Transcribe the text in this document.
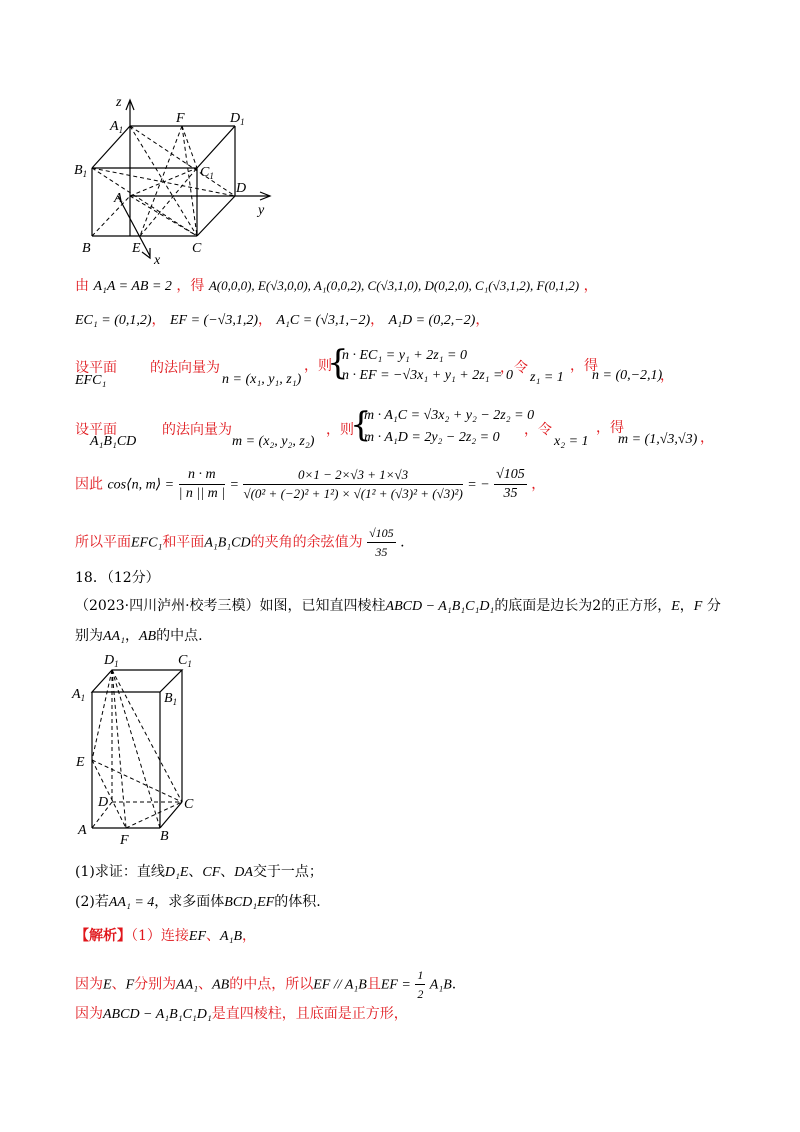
z
$A_1$
F	$D_1$
$B_1$	$C_1$
A
D
y
B	E	C
x
由 A₁A = AB = 2 ，得 A(0,0,0), E(√3,0,0), A₁(0,0,2), C(√3,1,0), D(0,2,0), C₁(√3,1,2), F(0,1,2) ，
EC₁ = (0,1,2)， EF = (−√3,1,2)， A₁C = (√3,1,−2)， A₁D = (0,2,−2)，
设平面
EFC₁
的法向量为
n = (x₁, y₁, z₁)
，则
{
n · EC₁ = y₁ + 2z₁ = 0
n · EF = −√3x₁ + y₁ + 2z₁ = 0
，令
z₁ = 1
，得
n = (0,−2,1)
，
设平面
A₁B₁CD
的法向量为
m = (x₂, y₂, z₂)
，则
{
m · A₁C = √3x₂ + y₂ − 2z₂ = 0
m · A₁D = 2y₂ − 2z₂ = 0 ，令
x₂ = 1
，得
m = (1,√3,√3) ，
因此 cos⟨n, m⟩ = $\frac{n \cdot m}{| n || m |} = \frac{0\times 1 - 2\times√3 + 1\times√3}{\text{√(0² + (−2)² + 1²) × √(1² + (√3)² + (√3)²)}}$ = − $\frac{√105}{35}$ ，
所以平面EFC₁和平面A₁B₁CD的夹角的余弦值为 $\frac{√105}{35}$ .
18．（12分）
（2023·四川泸州·校考三模）如图，已知直四棱柱ABCD − A₁B₁C₁D₁的底面是边长为2的正方形，E，F 分
别为AA₁，AB的中点.
$D_1$	$C_1$
$A_1$	$B_1$
E
D	C
A
F B
(1)求证：直线D₁E、CF、DA交于一点；
(2)若AA₁ = 4，求多面体BCD₁EF的体积.
【解析】（1）连接EF、A₁B，
因为E、F分别为AA₁、AB的中点，所以EF // A₁B且EF = $\frac{1}{2} A_1B$.
因为ABCD − A₁B₁C₁D₁是直四棱柱，且底面是正方形，
